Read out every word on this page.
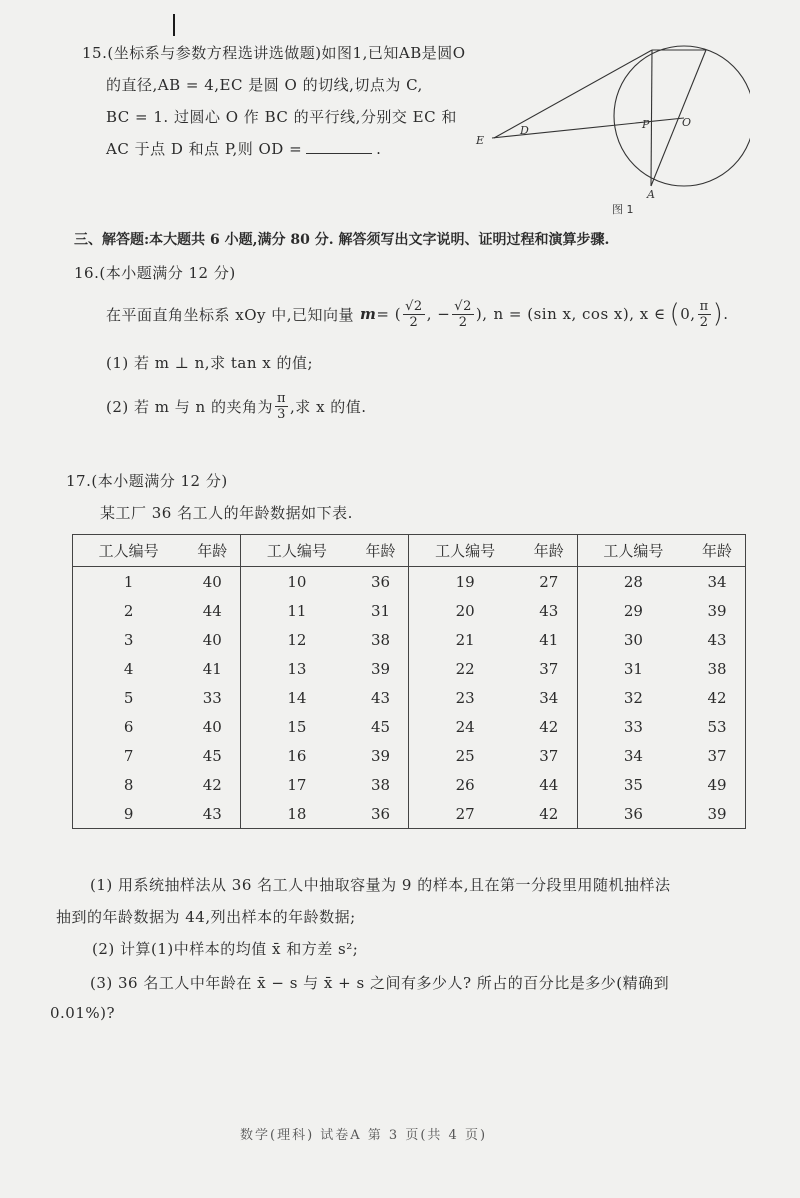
15.(坐标系与参数方程选讲选做题)如图1,已知AB是圆O
的直径,AB = 4,EC 是圆 O 的切线,切点为 C,
BC = 1. 过圆心 O 作 BC 的平行线,分别交 EC 和
AC 于点 D 和点 P,则 OD =	.	E
D	P	O
A
图 1
三、解答题:本大题共 6 小题,满分 80 分. 解答须写出文字说明、证明过程和演算步骤.
16.(本小题满分 12 分)
在平面直角坐标系 xOy 中,已知向量 m = ( $\frac{√2}{2}$ , − $\frac{√2}{2}$ ), n = (sin x, cos x), x ∈ ( 0, $\frac{\pi}{2}$ ) .
(1) 若 m ⊥ n,求 tan x 的值;
(2) 若 m 与 n 的夹角为 $\frac{\pi}{3}$ ,求 x 的值.
17.(本小题满分 12 分)
某工厂 36 名工人的年龄数据如下表.
工人编号	年龄	工人编号	年龄	工人编号	年龄	工人编号	年龄
1	40	10	36	19	27	28	34
2	44	11	31	20	43	29	39
3	40	12	38	21	41	30	43
4	41	13	39	22	37	31	38
5	33	14	43	23	34	32	42
6	40	15	45	24	42	33	53
7	45	16	39	25	37	34	37
8	42	17	38	26	44	35	49
9	43	18	36	27	42	36	39
(1) 用系统抽样法从 36 名工人中抽取容量为 9 的样本,且在第一分段里用随机抽样法
抽到的年龄数据为 44,列出样本的年龄数据;
(2) 计算(1)中样本的均值 x̄ 和方差 s²;
(3) 36 名工人中年龄在 x̄ − s 与 x̄ + s 之间有多少人? 所占的百分比是多少(精确到
0.01%)?
数学(理科) 试卷A 第 3 页(共 4 页)
